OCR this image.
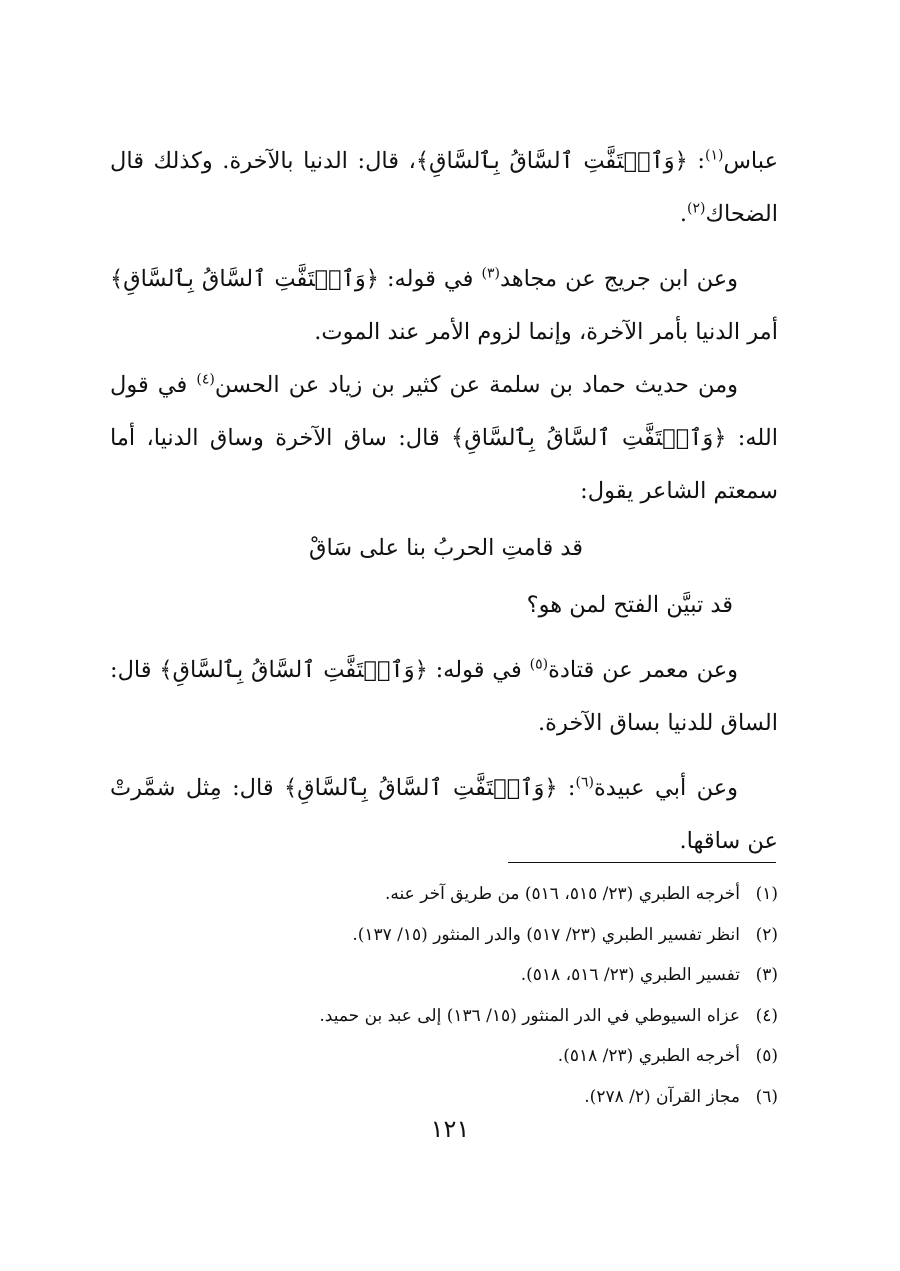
عباس$^{(١)}$: ﴿وَٱلۡتَفَّتِ ٱلسَّاقُ بِٱلسَّاقِ﴾، قال: الدنيا بالآخرة. وكذلك قال الضحاك$^{(٢)}$.

وعن ابن جريج عن مجاهد$^{(٣)}$ في قوله: ﴿وَٱلۡتَفَّتِ ٱلسَّاقُ بِٱلسَّاقِ﴾ أمر الدنيا بأمر الآخرة، وإنما لزوم الأمر عند الموت.

ومن حديث حماد بن سلمة عن كثير بن زياد عن الحسن$^{(٤)}$ في قول الله: ﴿وَٱلۡتَفَّتِ ٱلسَّاقُ بِٱلسَّاقِ﴾ قال: ساق الآخرة وساق الدنيا، أما سمعتم الشاعر يقول:

قد قامتِ الحربُ بنا على سَاقْ

قد تبيَّن الفتح لمن هو؟

وعن معمر عن قتادة$^{(٥)}$ في قوله: ﴿وَٱلۡتَفَّتِ ٱلسَّاقُ بِٱلسَّاقِ﴾ قال: الساق للدنيا بساق الآخرة.

وعن أبي عبيدة$^{(٦)}$: ﴿وَٱلۡتَفَّتِ ٱلسَّاقُ بِٱلسَّاقِ﴾ قال: مِثل شمَّرتْ عن ساقها.

(١)أخرجه الطبري (٢٣/ ٥١٥، ٥١٦) من طريق آخر عنه.
(٢)انظر تفسير الطبري (٢٣/ ٥١٧) والدر المنثور (١٥/ ١٣٧).
(٣)تفسير الطبري (٢٣/ ٥١٦، ٥١٨).
(٤)عزاه السيوطي في الدر المنثور (١٥/ ١٣٦) إلى عبد بن حميد.
(٥)أخرجه الطبري (٢٣/ ٥١٨).
(٦)مجاز القرآن (٢/ ٢٧٨).
١٢١
